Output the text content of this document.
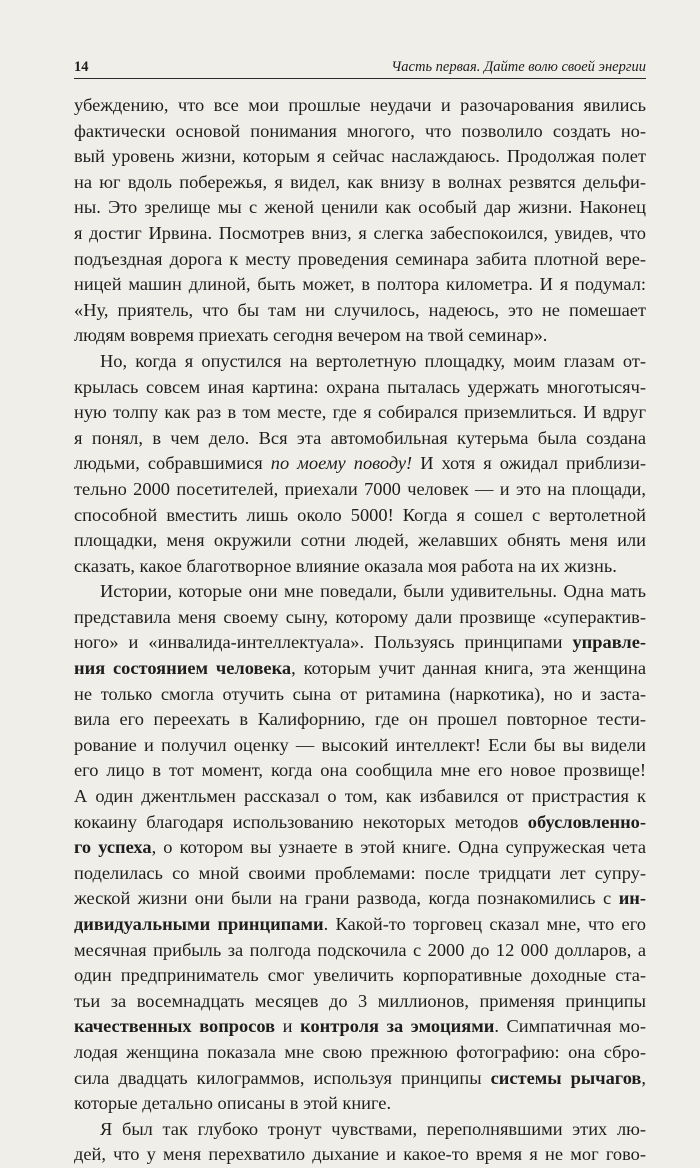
14	Часть первая. Дайте волю своей энергии
убеждению, что все мои прошлые неудачи и разочарования явились
фактически основой понимания многого, что позволило создать но-
вый уровень жизни, которым я сейчас наслаждаюсь. Продолжая полет
на юг вдоль побережья, я видел, как внизу в волнах резвятся дельфи-
ны. Это зрелище мы с женой ценили как особый дар жизни. Наконец
я достиг Ирвина. Посмотрев вниз, я слегка забеспокоился, увидев, что
подъездная дорога к месту проведения семинара забита плотной вере-
ницей машин длиной, быть может, в полтора километра. И я подумал:
«Ну, приятель, что бы там ни случилось, надеюсь, это не помешает
людям вовремя приехать сегодня вечером на твой семинар».
Но, когда я опустился на вертолетную площадку, моим глазам от-
крылась совсем иная картина: охрана пыталась удержать многотысяч-
ную толпу как раз в том месте, где я собирался приземлиться. И вдруг
я понял, в чем дело. Вся эта автомобильная кутерьма была создана
людьми, собравшимися по моему поводу! И хотя я ожидал приблизи-
тельно 2000 посетителей, приехали 7000 человек — и это на площади,
способной вместить лишь около 5000! Когда я сошел с вертолетной
площадки, меня окружили сотни людей, желавших обнять меня или
сказать, какое благотворное влияние оказала моя работа на их жизнь.
Истории, которые они мне поведали, были удивительны. Одна мать
представила меня своему сыну, которому дали прозвище «суперактив-
ного» и «инвалида-интеллектуала». Пользуясь принципами управле-
ния состоянием человека, которым учит данная книга, эта женщина
не только смогла отучить сына от ритамина (наркотика), но и заста-
вила его переехать в Калифорнию, где он прошел повторное тести-
рование и получил оценку — высокий интеллект! Если бы вы видели
его лицо в тот момент, когда она сообщила мне его новое прозвище!
А один джентльмен рассказал о том, как избавился от пристрастия к
кокаину благодаря использованию некоторых методов обусловленно-
го успеха, о котором вы узнаете в этой книге. Одна супружеская чета
поделилась со мной своими проблемами: после тридцати лет супру-
жеской жизни они были на грани развода, когда познакомились с ин-
дивидуальными принципами. Какой-то торговец сказал мне, что его
месячная прибыль за полгода подскочила с 2000 до 12 000 долларов, а
один предприниматель смог увеличить корпоративные доходные ста-
тьи за восемнадцать месяцев до 3 миллионов, применяя принципы
качественных вопросов и контроля за эмоциями. Симпатичная мо-
лодая женщина показала мне свою прежнюю фотографию: она сбро-
сила двадцать килограммов, используя принципы системы рычагов,
которые детально описаны в этой книге.
Я был так глубоко тронут чувствами, переполнявшими этих лю-
дей, что у меня перехватило дыхание и какое-то время я не мог гово-
